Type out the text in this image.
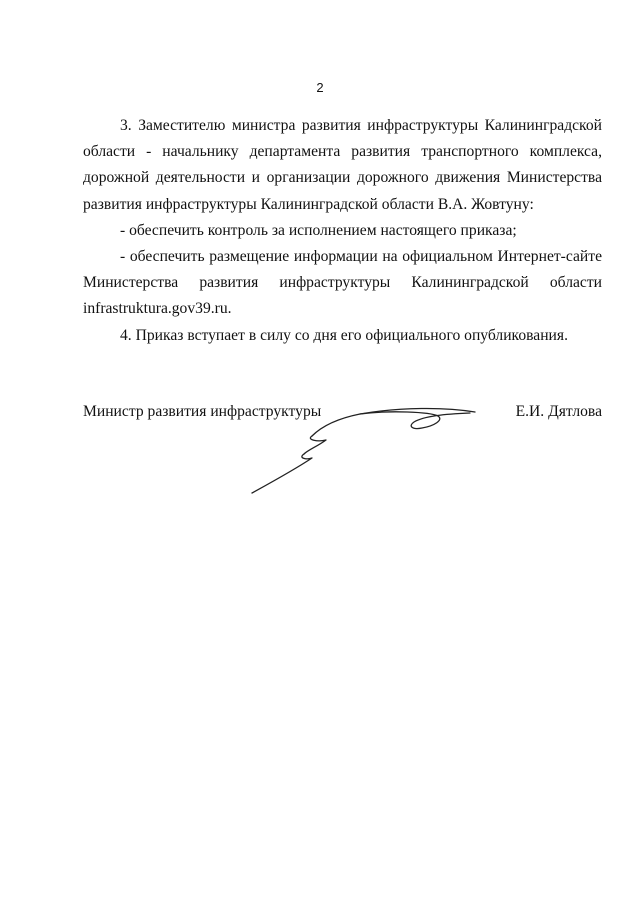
2

3. Заместителю министра развития инфраструктуры Калининградской области - начальнику департамента развития транспортного комплекса, дорожной деятельности и организации дорожного движения Министерства развития инфраструктуры Калининградской области В.А. Жовтуну:

- обеспечить контроль за исполнением настоящего приказа;

- обеспечить размещение информации на официальном Интернет-сайте Министерства развития инфраструктуры Калининградской области

infrastruktura.gov39.ru.

4. Приказ вступает в силу со дня его официального опубликования.

Министр развития инфраструктуры	Е.И. Дятлова
